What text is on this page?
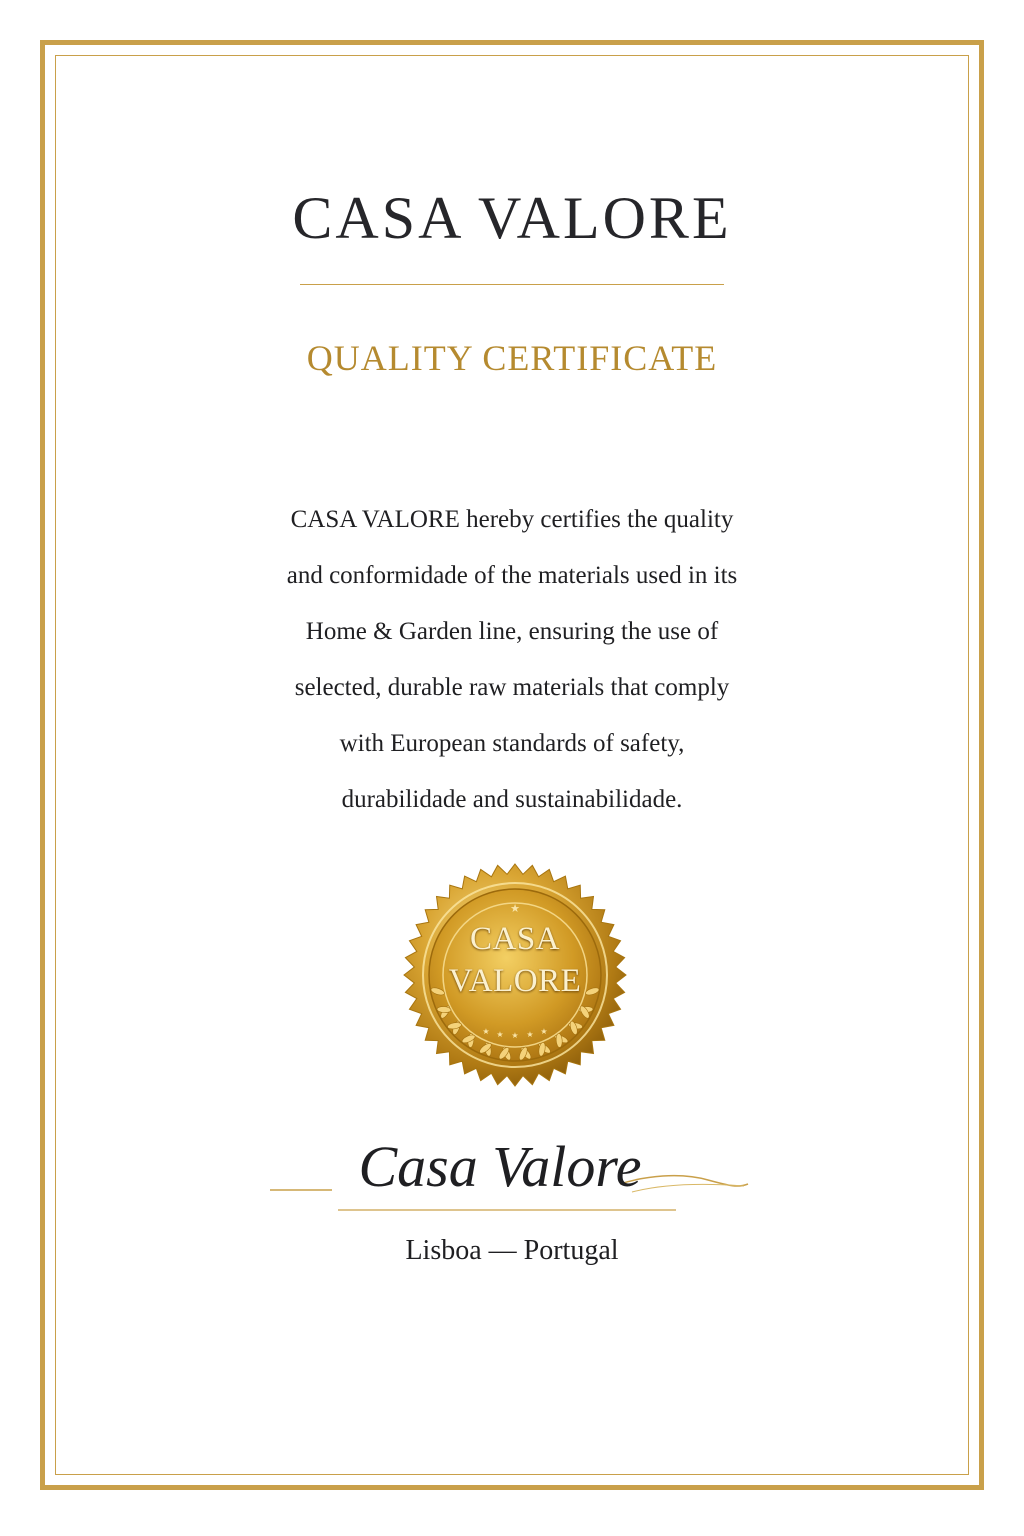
CASA VALORE
QUALITY CERTIFICATE
CASA VALORE hereby certifies the quality
and conformidade of the materials used in its
Home & Garden line, ensuring the use of
selected, durable raw materials that comply
with European standards of safety,
durabilidade and sustainabilidade.
★
★ ★ ★ ★ ★
CASA
VALORE
Casa Valore
Lisboa — Portugal
